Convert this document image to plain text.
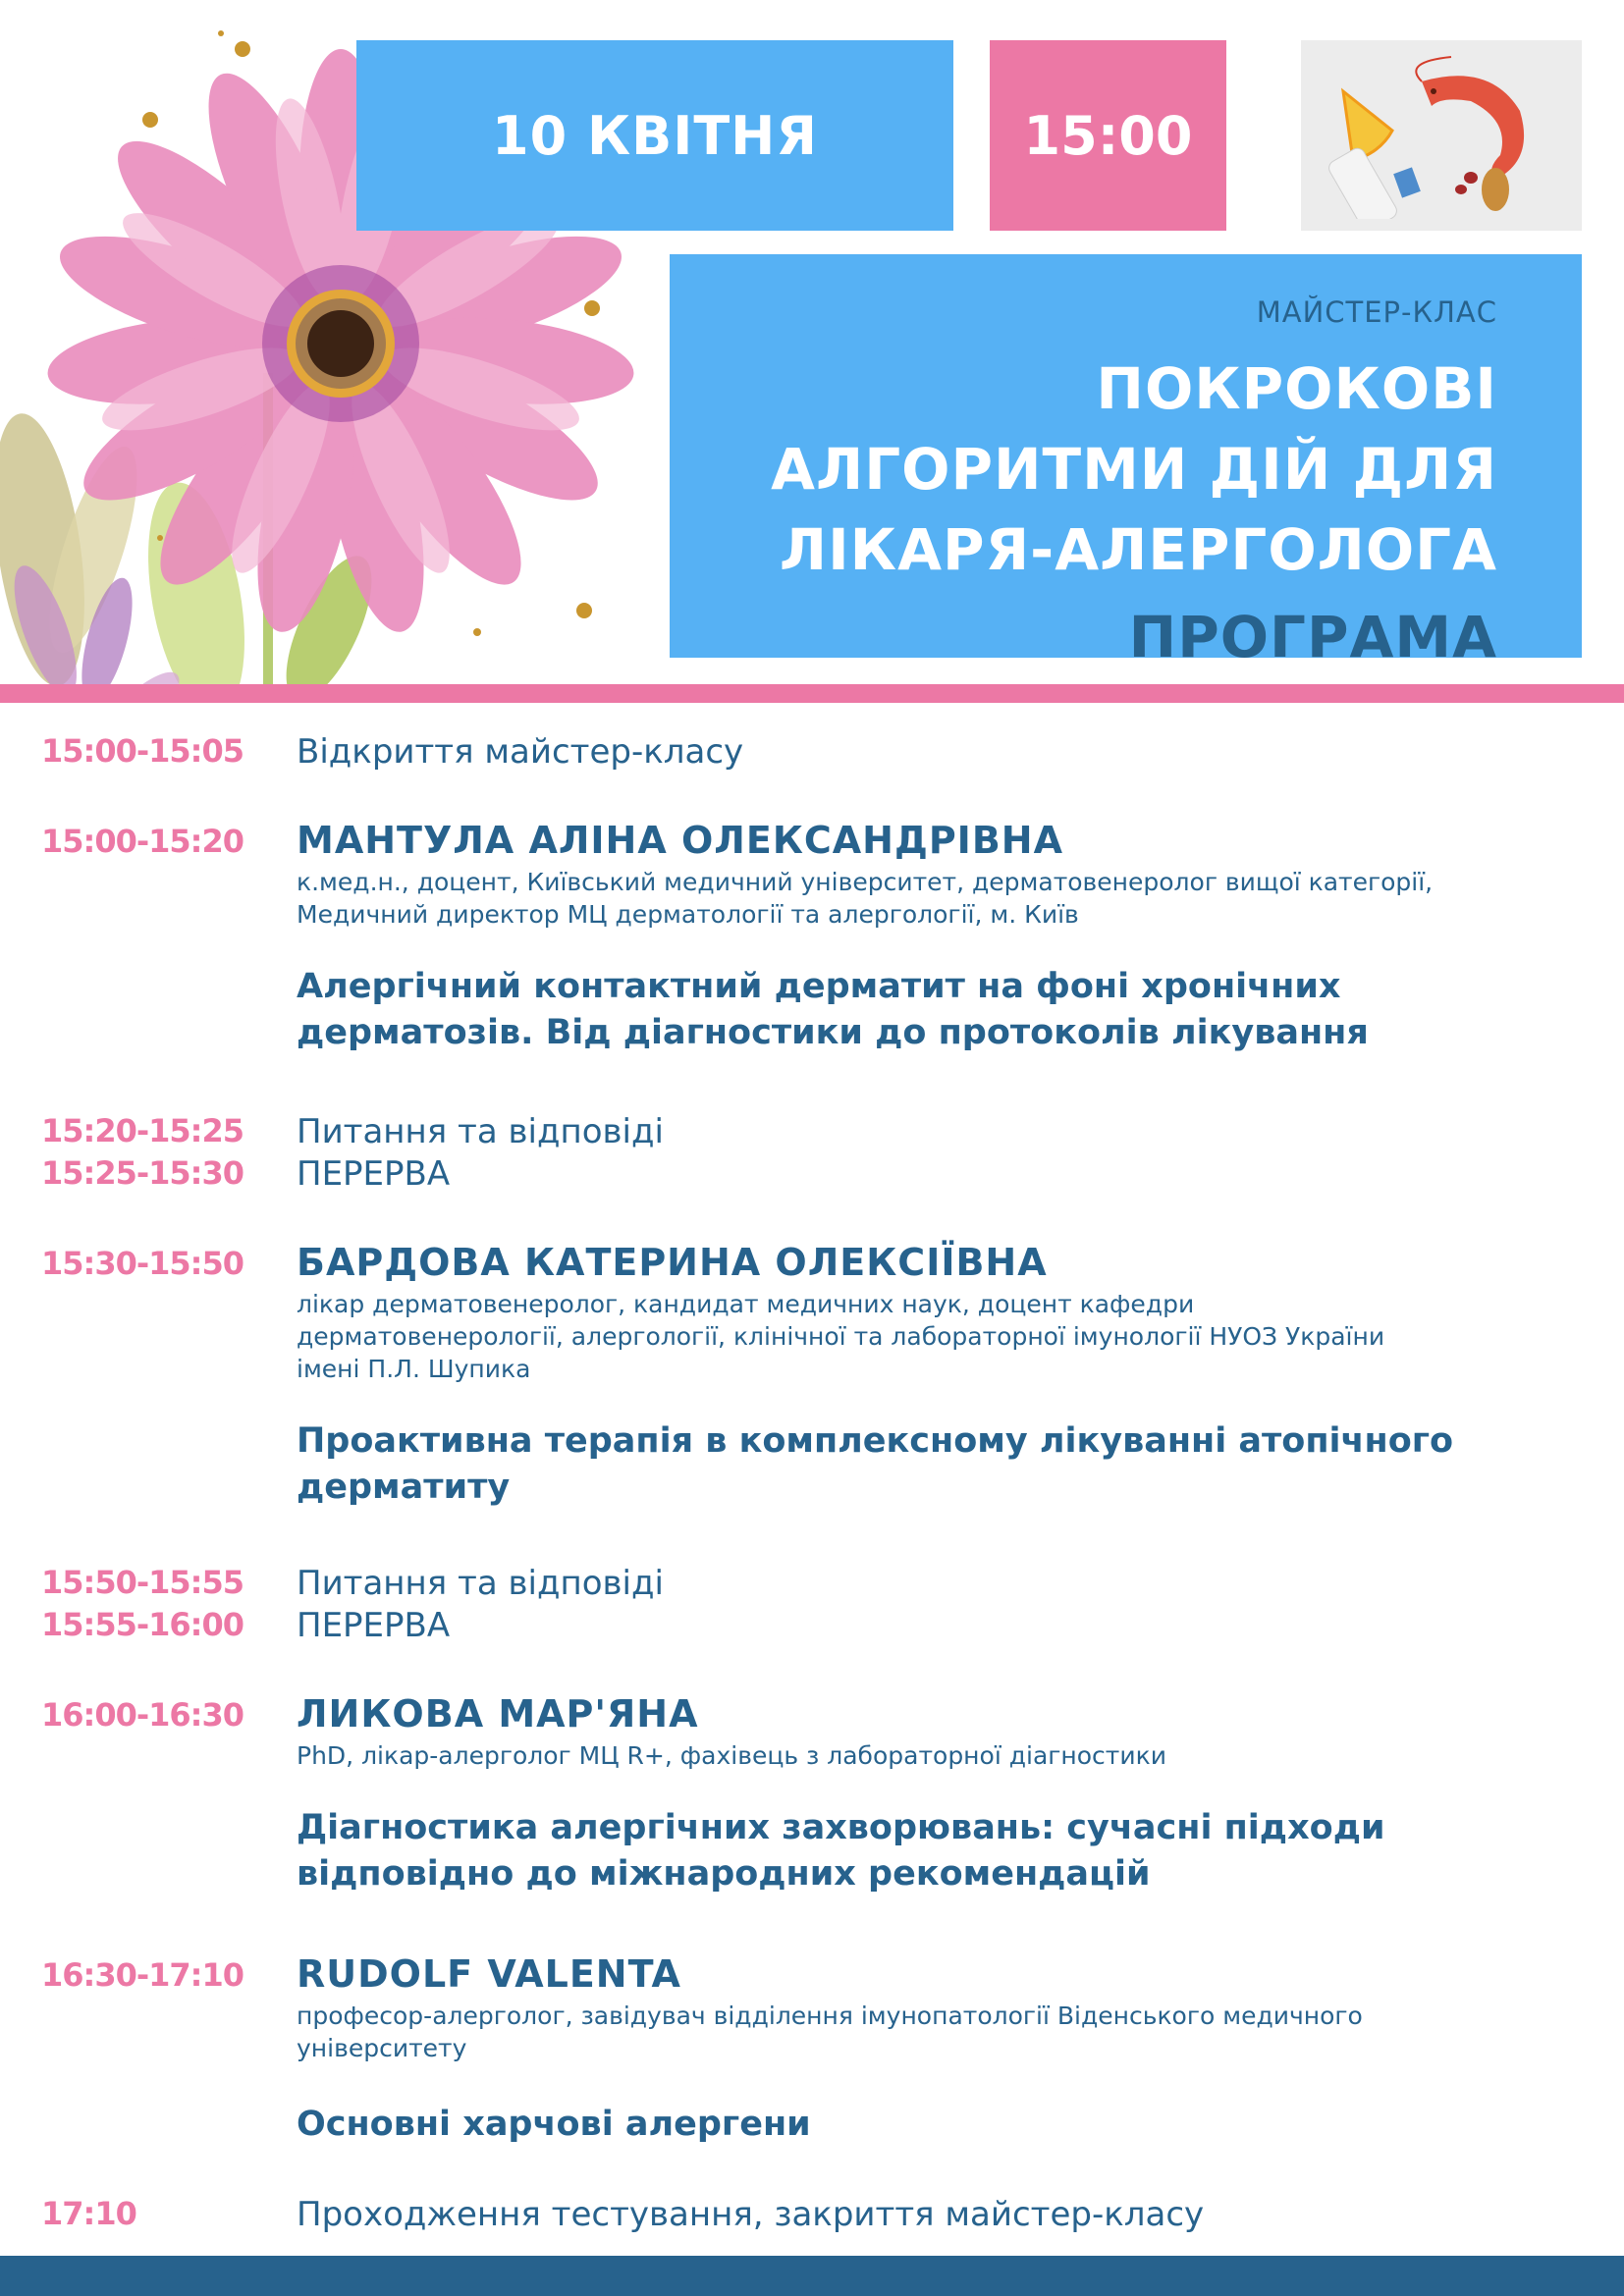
10 КВІТНЯ	15:00
МАЙСТЕР-КЛАС
ПОКРОКОВІ
АЛГОРИТМИ ДІЙ ДЛЯ
ЛІКАРЯ-АЛЕРГОЛОГА
ПРОГРАМА
15:00-15:05 Відкриття майстер-класу
15:00-15:20 МАНТУЛА АЛІНА ОЛЕКСАНДРІВНА
к.мед.н., доцент, Київський медичний університет, дерматовенеролог вищої категорії,
Медичний директор МЦ дерматології та алергології, м. Київ
Алергічний контактний дерматит на фоні хронічних
дерматозів. Від діагностики до протоколів лікування
15:20-15:25 Питання та відповіді
15:25-15:30 ПЕРЕРВА
15:30-15:50 БАРДОВА КАТЕРИНА ОЛЕКСІЇВНА
лікар дерматовенеролог, кандидат медичних наук, доцент кафедри
дерматовенерології, алергології, клінічної та лабораторної імунології НУОЗ України
імені П.Л. Шупика
Проактивна терапія в комплексному лікуванні атопічного
дерматиту
15:50-15:55 Питання та відповіді
15:55-16:00 ПЕРЕРВА
16:00-16:30 ЛИКОВА МАР'ЯНА
PhD, лікар-алерголог МЦ R+, фахівець з лабораторної діагностики
Діагностика алергічних захворювань: сучасні підходи
відповідно до міжнародних рекомендацій
16:30-17:10 RUDOLF VALENTA
професор-алерголог, завідувач відділення імунопатології Віденського медичного
університету
Основні харчові алергени
17:10	Проходження тестування, закриття майстер-класу
